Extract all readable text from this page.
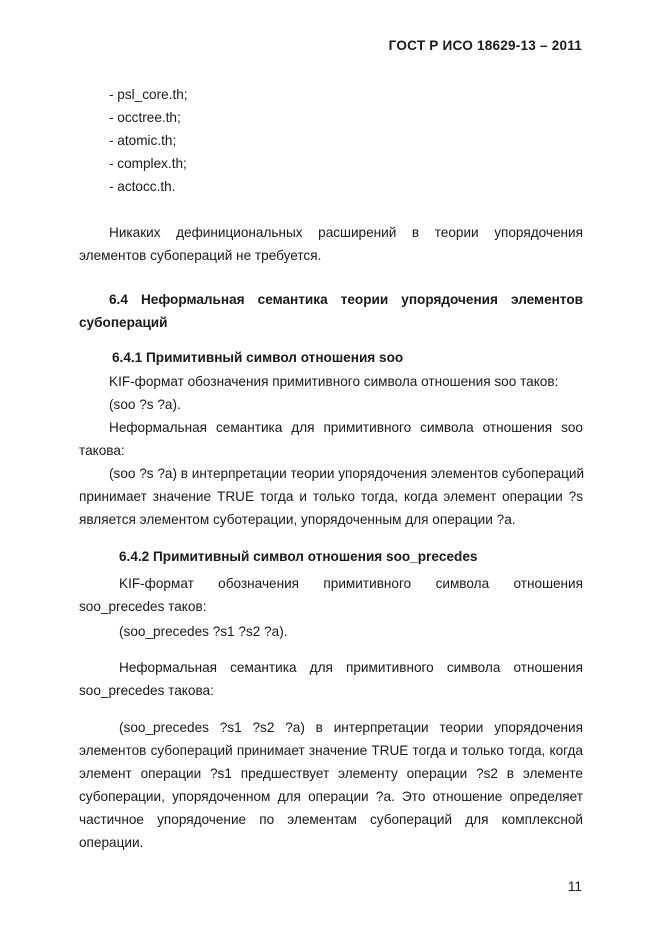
ГОСТ Р ИСО 18629-13 – 2011
- psl_core.th;
- occtree.th;
- atomic.th;
- complex.th;
- actocc.th.
Никаких дефинициональных расширений в теории упорядочения
элементов субопераций не требуется.
6.4 Неформальная семантика теории упорядочения элементов
субопераций
6.4.1 Примитивный символ отношения soo
KIF-формат обозначения примитивного символа отношения soo таков:
(soo ?s ?a).
Неформальная семантика для примитивного символа отношения soo
такова:
(soo ?s ?a) в интерпретации теории упорядочения элементов субопераций
принимает значение TRUE тогда и только тогда, когда элемент операции ?s
является элементом суботерации, упорядоченным для операции ?a.
6.4.2 Примитивный символ отношения soo_precedes
KIF-формат обозначения примитивного символа отношения
soo_precedes таков:
(soo_precedes ?s1 ?s2 ?a).
Неформальная семантика для примитивного символа отношения
soo_precedes такова:
(soo_precedes ?s1 ?s2 ?a) в интерпретации теории упорядочения
элементов субопераций принимает значение TRUE тогда и только тогда, когда
элемент операции ?s1 предшествует элементу операции ?s2 в элементе
субоперации, упорядоченном для операции ?a. Это отношение определяет
частичное упорядочение по элементам субопераций для комплексной
операции.
11
